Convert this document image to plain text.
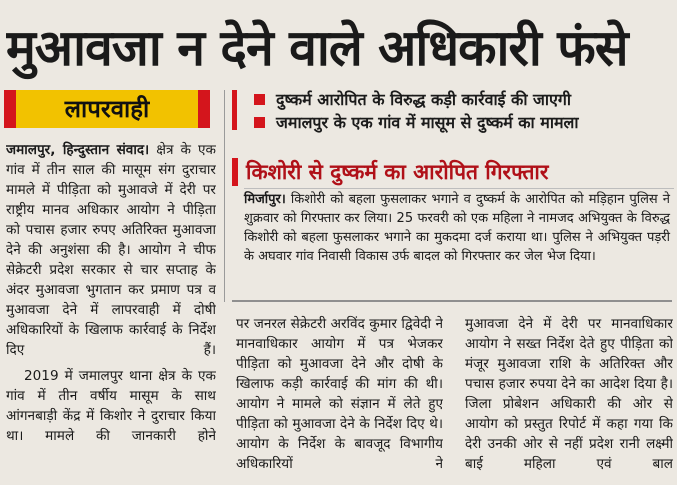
मुआवजा न देने वाले अधिकारी फंसे
लापरवाही	दुष्कर्म आरोपित के विरुद्ध कड़ी कार्रवाई की जाएगी
जमालपुर के एक गांव में मासूम से दुष्कर्म का मामला
किशोरी से दुष्कर्म का आरोपित गिरफ्तार

मिर्जापुर। किशोरी को बहला फुसलाकर भगाने व दुष्कर्म के आरोपित को मड़िहान पुलिस ने शुक्रवार को गिरफ्तार कर लिया। 25 फरवरी को एक महिला ने नामजद अभियुक्त के विरुद्ध किशोरी को बहला फुसलाकर भगाने का मुकदमा दर्ज कराया था। पुलिस ने अभियुक्त पड़री के अघवार गांव निवासी विकास उर्फ बादल को गिरफ्तार कर जेल भेज दिया।

जमालपुर, हिन्दुस्तान संवाद। क्षेत्र के एक गांव में तीन साल की मासूम संग दुराचार मामले में पीड़िता को मुआवजे में देरी पर राष्ट्रीय मानव अधिकार आयोग ने पीड़िता को पचास हजार रुपए अतिरिक्त मुआवजा देने की अनुशंसा की है। आयोग ने चीफ सेक्रेटरी प्रदेश सरकार से चार सप्ताह के अंदर मुआवजा भुगतान कर प्रमाण पत्र व मुआवजा देने में लापरवाही में दोषी अधिकारियों के खिलाफ कार्रवाई के निर्देश दिए हैं।

2019 में जमालपुर थाना क्षेत्र के एक गांव में तीन वर्षीय मासूम के साथ आंगनबाड़ी केंद्र में किशोर ने दुराचार किया था। मामले की जानकारी होने

पर जनरल सेक्रेटरी अरविंद कुमार द्विवेदी ने मानवाधिकार आयोग में पत्र भेजकर पीड़िता को मुआवजा देने और दोषी के खिलाफ कड़ी कार्रवाई की मांग की थी। आयोग ने मामले को संज्ञान में लेते हुए पीड़िता को मुआवजा देने के निर्देश दिए थे। आयोग के निर्देश के बावजूद विभागीय अधिकारियों ने

मुआवजा देने में देरी पर मानवाधिकार आयोग ने सख्त निर्देश देते हुए पीड़िता को मंजूर मुआवजा राशि के अतिरिक्त और पचास हजार रुपया देने का आदेश दिया है। जिला प्रोबेशन अधिकारी की ओर से आयोग को प्रस्तुत रिपोर्ट में कहा गया कि देरी उनकी ओर से नहीं प्रदेश रानी लक्ष्मी बाई महिला एवं बाल
